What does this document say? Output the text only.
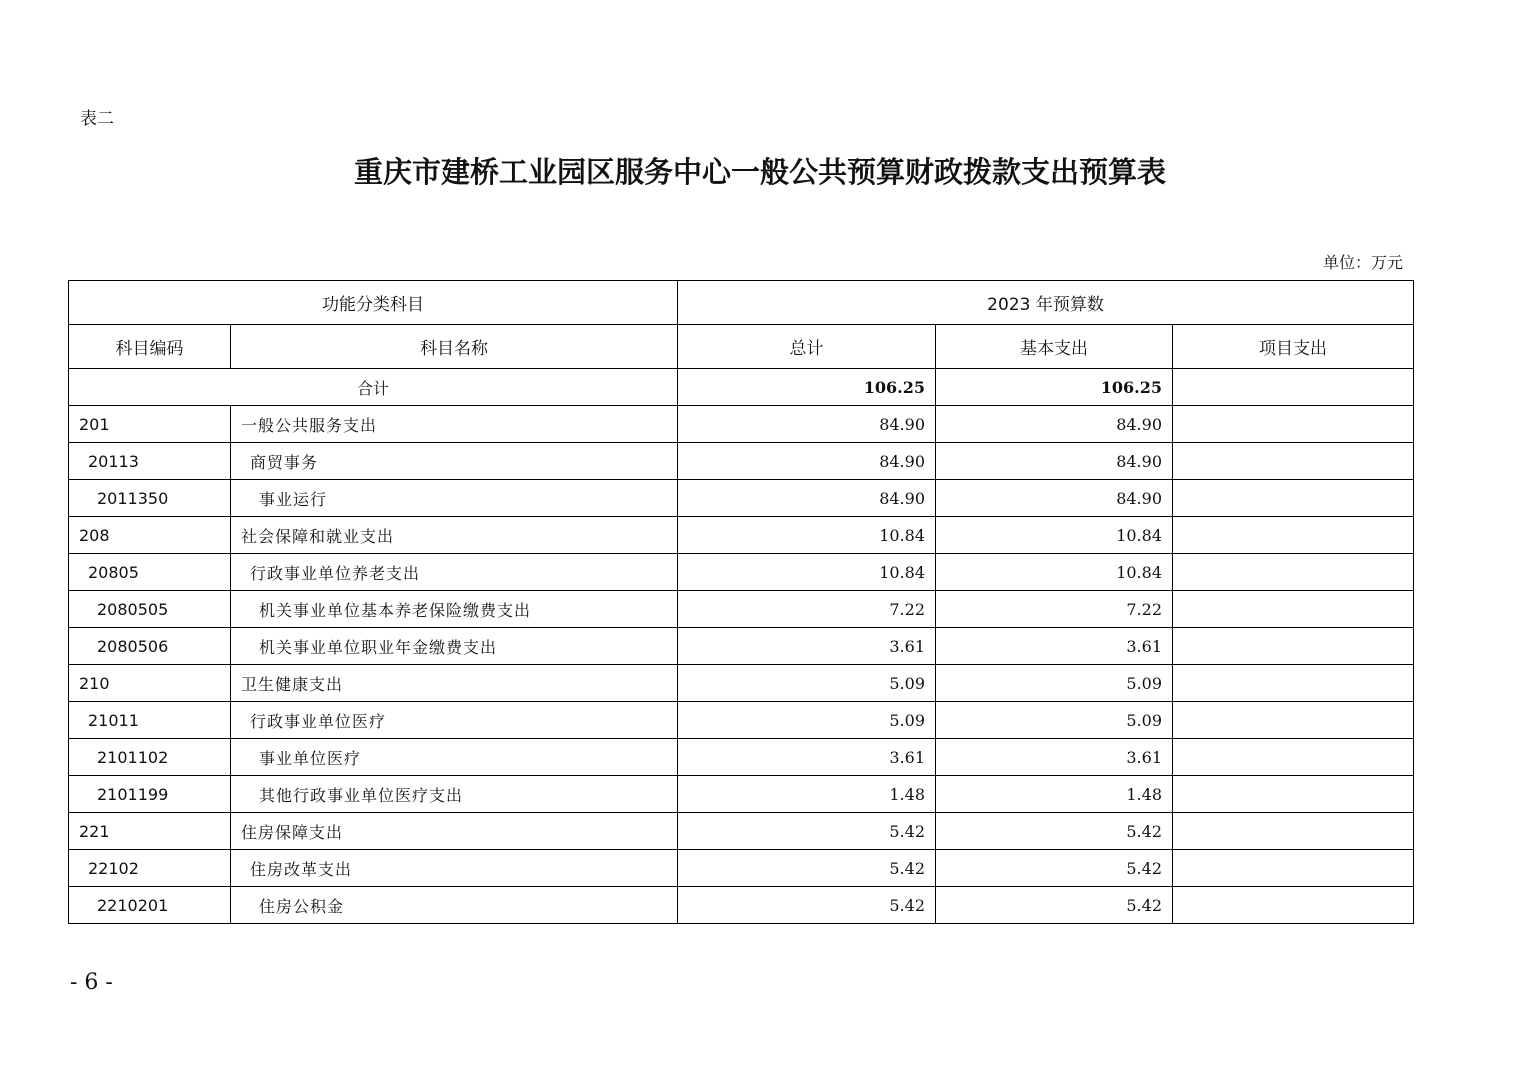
表二
重庆市建桥工业园区服务中心一般公共预算财政拨款支出预算表
单位：万元
功能分类科目		2023 年预算数		
科目编码	科目名称	总计	基本支出	项目支出
合计		106.25	106.25	
201	一般公共服务支出	84.90	84.90	
20113	商贸事务	84.90	84.90	
2011350	事业运行	84.90	84.90	
208	社会保障和就业支出	10.84	10.84	
20805	行政事业单位养老支出	10.84	10.84	
2080505	机关事业单位基本养老保险缴费支出	7.22	7.22	
2080506	机关事业单位职业年金缴费支出	3.61	3.61	
210	卫生健康支出	5.09	5.09	
21011	行政事业单位医疗	5.09	5.09	
2101102	事业单位医疗	3.61	3.61	
2101199	其他行政事业单位医疗支出	1.48	1.48	
221	住房保障支出	5.42	5.42	
22102	住房改革支出	5.42	5.42	
2210201	住房公积金	5.42	5.42	
- 6 -
